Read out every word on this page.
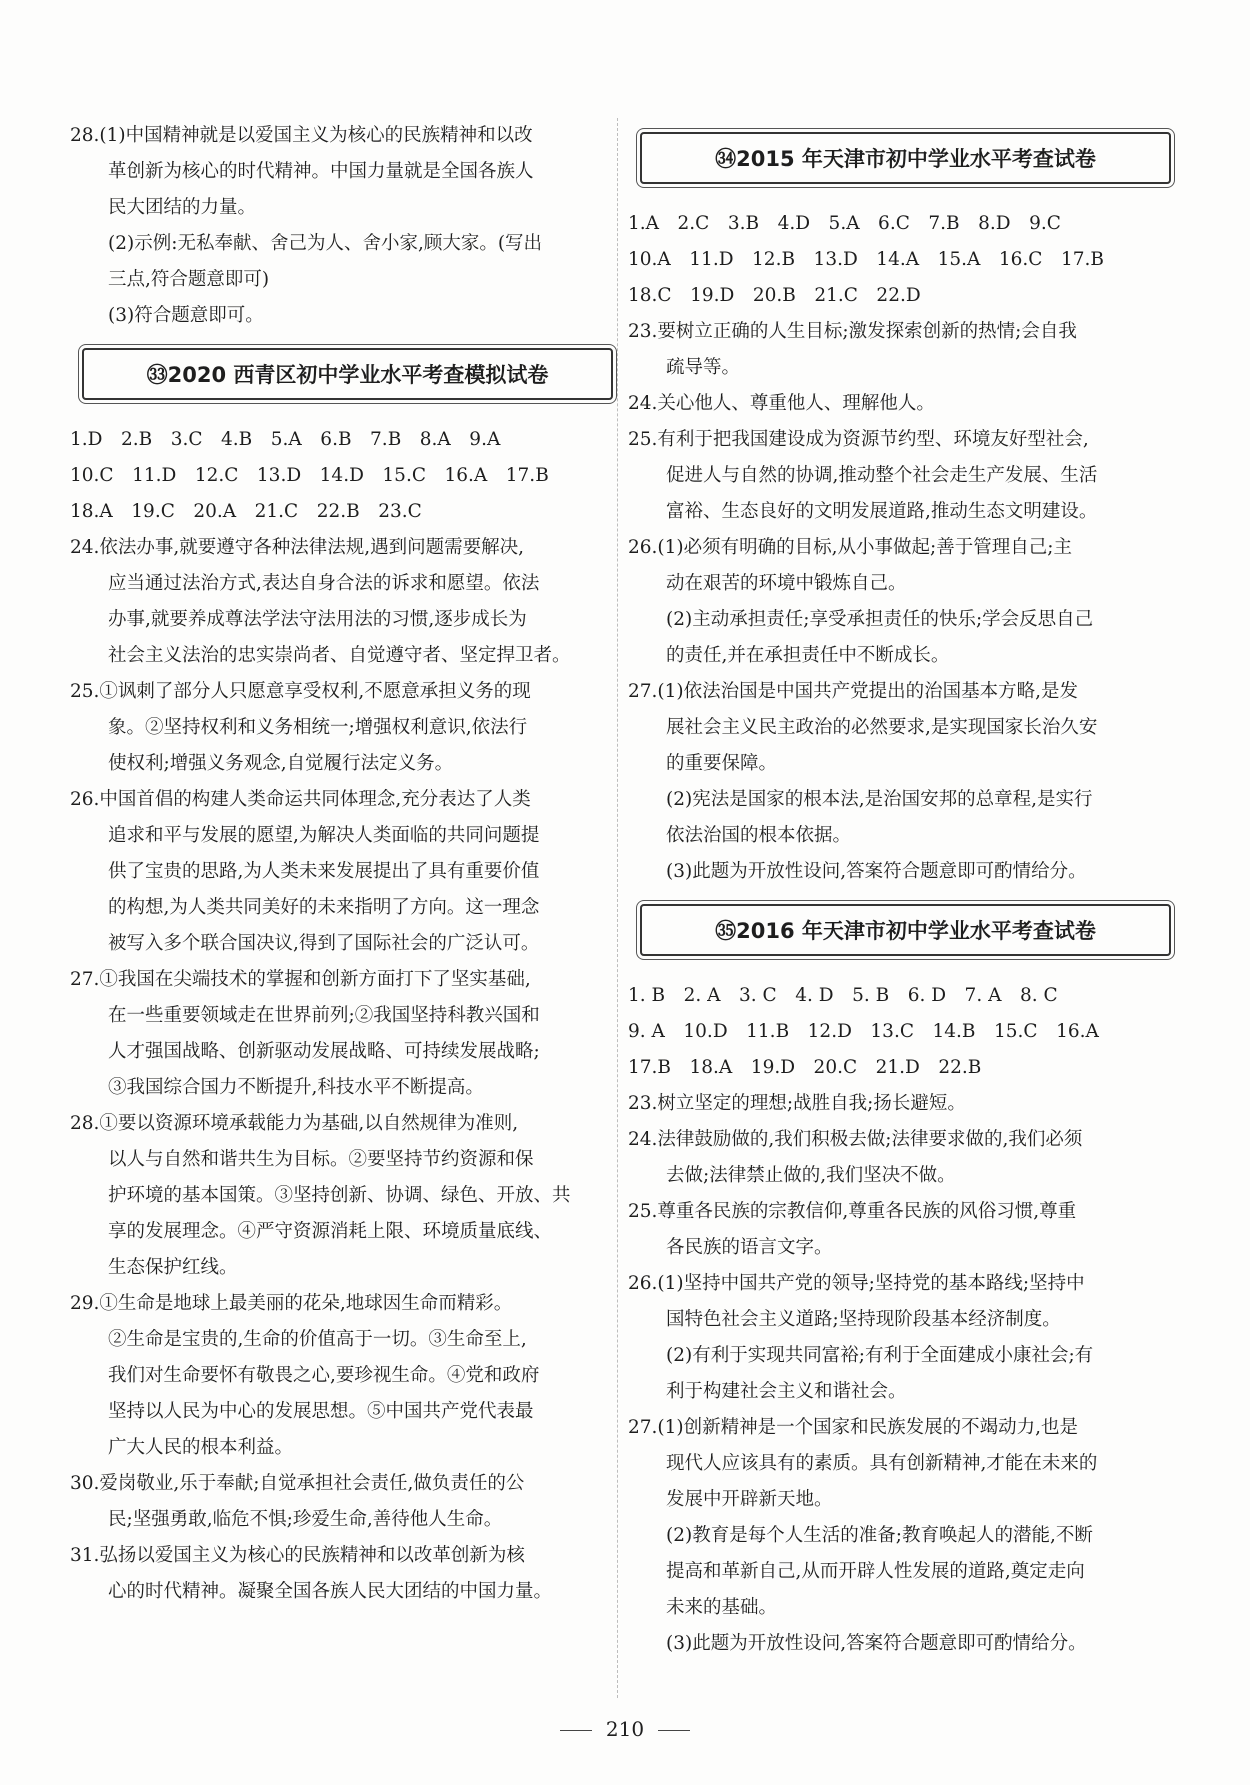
28.(1)中国精神就是以爱国主义为核心的民族精神和以改
革创新为核心的时代精神。中国力量就是全国各族人
民大团结的力量。
(2)示例:无私奉献、舍己为人、舍小家,顾大家。(写出
三点,符合题意即可)
(3)符合题意即可。
㉝2020 西青区初中学业水平考查模拟试卷
1.D　2.B　3.C　4.B　5.A　6.B　7.B　8.A　9.A
10.C　11.D　12.C　13.D　14.D　15.C　16.A　17.B
18.A　19.C　20.A　21.C　22.B　23.C
24.依法办事,就要遵守各种法律法规,遇到问题需要解决,
应当通过法治方式,表达自身合法的诉求和愿望。依法
办事,就要养成尊法学法守法用法的习惯,逐步成长为
社会主义法治的忠实崇尚者、自觉遵守者、坚定捍卫者。
25.①讽刺了部分人只愿意享受权利,不愿意承担义务的现
象。②坚持权利和义务相统一;增强权利意识,依法行
使权利;增强义务观念,自觉履行法定义务。
26.中国首倡的构建人类命运共同体理念,充分表达了人类
追求和平与发展的愿望,为解决人类面临的共同问题提
供了宝贵的思路,为人类未来发展提出了具有重要价值
的构想,为人类共同美好的未来指明了方向。这一理念
被写入多个联合国决议,得到了国际社会的广泛认可。
27.①我国在尖端技术的掌握和创新方面打下了坚实基础,
在一些重要领域走在世界前列;②我国坚持科教兴国和
人才强国战略、创新驱动发展战略、可持续发展战略;
③我国综合国力不断提升,科技水平不断提高。
28.①要以资源环境承载能力为基础,以自然规律为准则,
以人与自然和谐共生为目标。②要坚持节约资源和保
护环境的基本国策。③坚持创新、协调、绿色、开放、共
享的发展理念。④严守资源消耗上限、环境质量底线、
生态保护红线。
29.①生命是地球上最美丽的花朵,地球因生命而精彩。
②生命是宝贵的,生命的价值高于一切。③生命至上,
我们对生命要怀有敬畏之心,要珍视生命。④党和政府
坚持以人民为中心的发展思想。⑤中国共产党代表最
广大人民的根本利益。
30.爱岗敬业,乐于奉献;自觉承担社会责任,做负责任的公
民;坚强勇敢,临危不惧;珍爱生命,善待他人生命。
31.弘扬以爱国主义为核心的民族精神和以改革创新为核
心的时代精神。凝聚全国各族人民大团结的中国力量。
㉞2015 年天津市初中学业水平考查试卷
1.A　2.C　3.B　4.D　5.A　6.C　7.B　8.D　9.C
10.A　11.D　12.B　13.D　14.A　15.A　16.C　17.B
18.C　19.D　20.B　21.C　22.D
23.要树立正确的人生目标;激发探索创新的热情;会自我
疏导等。
24.关心他人、尊重他人、理解他人。
25.有利于把我国建设成为资源节约型、环境友好型社会,
促进人与自然的协调,推动整个社会走生产发展、生活
富裕、生态良好的文明发展道路,推动生态文明建设。
26.(1)必须有明确的目标,从小事做起;善于管理自己;主
动在艰苦的环境中锻炼自己。
(2)主动承担责任;享受承担责任的快乐;学会反思自己
的责任,并在承担责任中不断成长。
27.(1)依法治国是中国共产党提出的治国基本方略,是发
展社会主义民主政治的必然要求,是实现国家长治久安
的重要保障。
(2)宪法是国家的根本法,是治国安邦的总章程,是实行
依法治国的根本依据。
(3)此题为开放性设问,答案符合题意即可酌情给分。
㉟2016 年天津市初中学业水平考查试卷
1. B　2. A　3. C　4. D　5. B　6. D　7. A　8. C
9. A　10.D　11.B　12.D　13.C　14.B　15.C　16.A
17.B　18.A　19.D　20.C　21.D　22.B
23.树立坚定的理想;战胜自我;扬长避短。
24.法律鼓励做的,我们积极去做;法律要求做的,我们必须
去做;法律禁止做的,我们坚决不做。
25.尊重各民族的宗教信仰,尊重各民族的风俗习惯,尊重
各民族的语言文字。
26.(1)坚持中国共产党的领导;坚持党的基本路线;坚持中
国特色社会主义道路;坚持现阶段基本经济制度。
(2)有利于实现共同富裕;有利于全面建成小康社会;有
利于构建社会主义和谐社会。
27.(1)创新精神是一个国家和民族发展的不竭动力,也是
现代人应该具有的素质。具有创新精神,才能在未来的
发展中开辟新天地。
(2)教育是每个人生活的准备;教育唤起人的潜能,不断
提高和革新自己,从而开辟人性发展的道路,奠定走向
未来的基础。
(3)此题为开放性设问,答案符合题意即可酌情给分。
210
